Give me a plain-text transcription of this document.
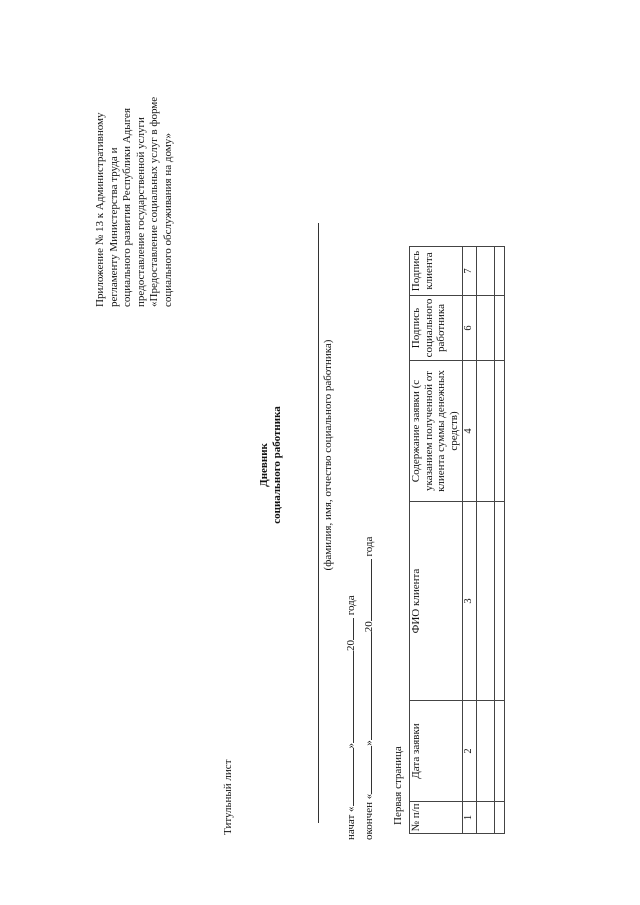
Приложение № 13 к Административному регламенту Министерства труда и социального развития Республики Адыгея предоставление государственной услуги «Предоставление социальных услуг в форме социального обслуживания на дому»
Титульный лист
Дневник социального работника	(фамилия, имя, отчество социального работника)
начат «»20 года
окончен «»20 года
Первая страница № п/п	Дата заявки	ФИО клиента	Содержание заявки (с указанием полученной от клиента суммы денежных средств)	Подпись социального работника	Подпись клиента
1	2	3	4	6	7
